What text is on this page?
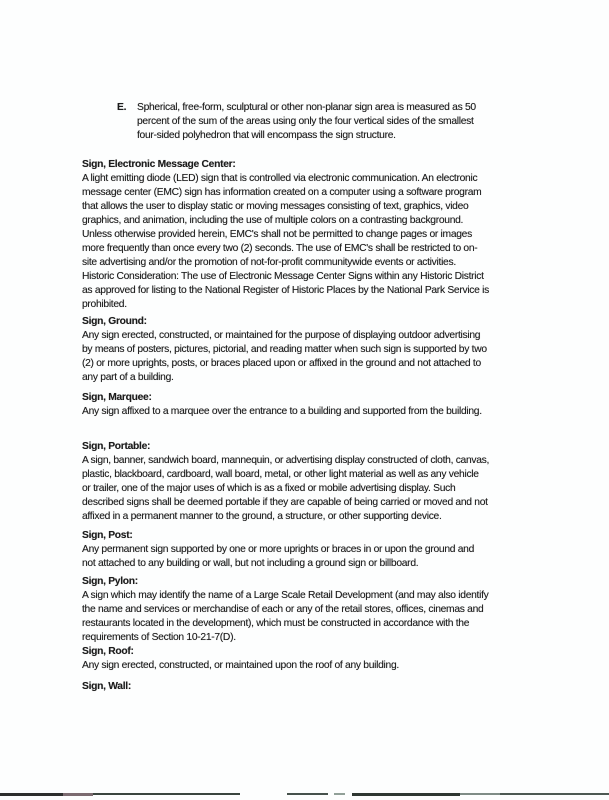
E. Spherical, free-form, sculptural or other non-planar sign area is measured as 50
percent of the sum of the areas using only the four vertical sides of the smallest
four-sided polyhedron that will encompass the sign structure.
Sign, Electronic Message Center:
A light emitting diode (LED) sign that is controlled via electronic communication. An electronic
message center (EMC) sign has information created on a computer using a software program
that allows the user to display static or moving messages consisting of text, graphics, video
graphics, and animation, including the use of multiple colors on a contrasting background.
Unless otherwise provided herein, EMC's shall not be permitted to change pages or images
more frequently than once every two (2) seconds. The use of EMC's shall be restricted to on-
site advertising and/or the promotion of not-for-profit communitywide events or activities.
Historic Consideration: The use of Electronic Message Center Signs within any Historic District
as approved for listing to the National Register of Historic Places by the National Park Service is
prohibited.
Sign, Ground:
Any sign erected, constructed, or maintained for the purpose of displaying outdoor advertising
by means of posters, pictures, pictorial, and reading matter when such sign is supported by two
(2) or more uprights, posts, or braces placed upon or affixed in the ground and not attached to
any part of a building.
Sign, Marquee:
Any sign affixed to a marquee over the entrance to a building and supported from the building.
Sign, Portable:
A sign, banner, sandwich board, mannequin, or advertising display constructed of cloth, canvas,
plastic, blackboard, cardboard, wall board, metal, or other light material as well as any vehicle
or trailer, one of the major uses of which is as a fixed or mobile advertising display. Such
described signs shall be deemed portable if they are capable of being carried or moved and not
affixed in a permanent manner to the ground, a structure, or other supporting device.
Sign, Post:
Any permanent sign supported by one or more uprights or braces in or upon the ground and
not attached to any building or wall, but not including a ground sign or billboard.
Sign, Pylon:
A sign which may identify the name of a Large Scale Retail Development (and may also identify
the name and services or merchandise of each or any of the retail stores, offices, cinemas and
restaurants located in the development), which must be constructed in accordance with the
requirements of Section 10-21-7(D).
Sign, Roof:
Any sign erected, constructed, or maintained upon the roof of any building.
Sign, Wall:
